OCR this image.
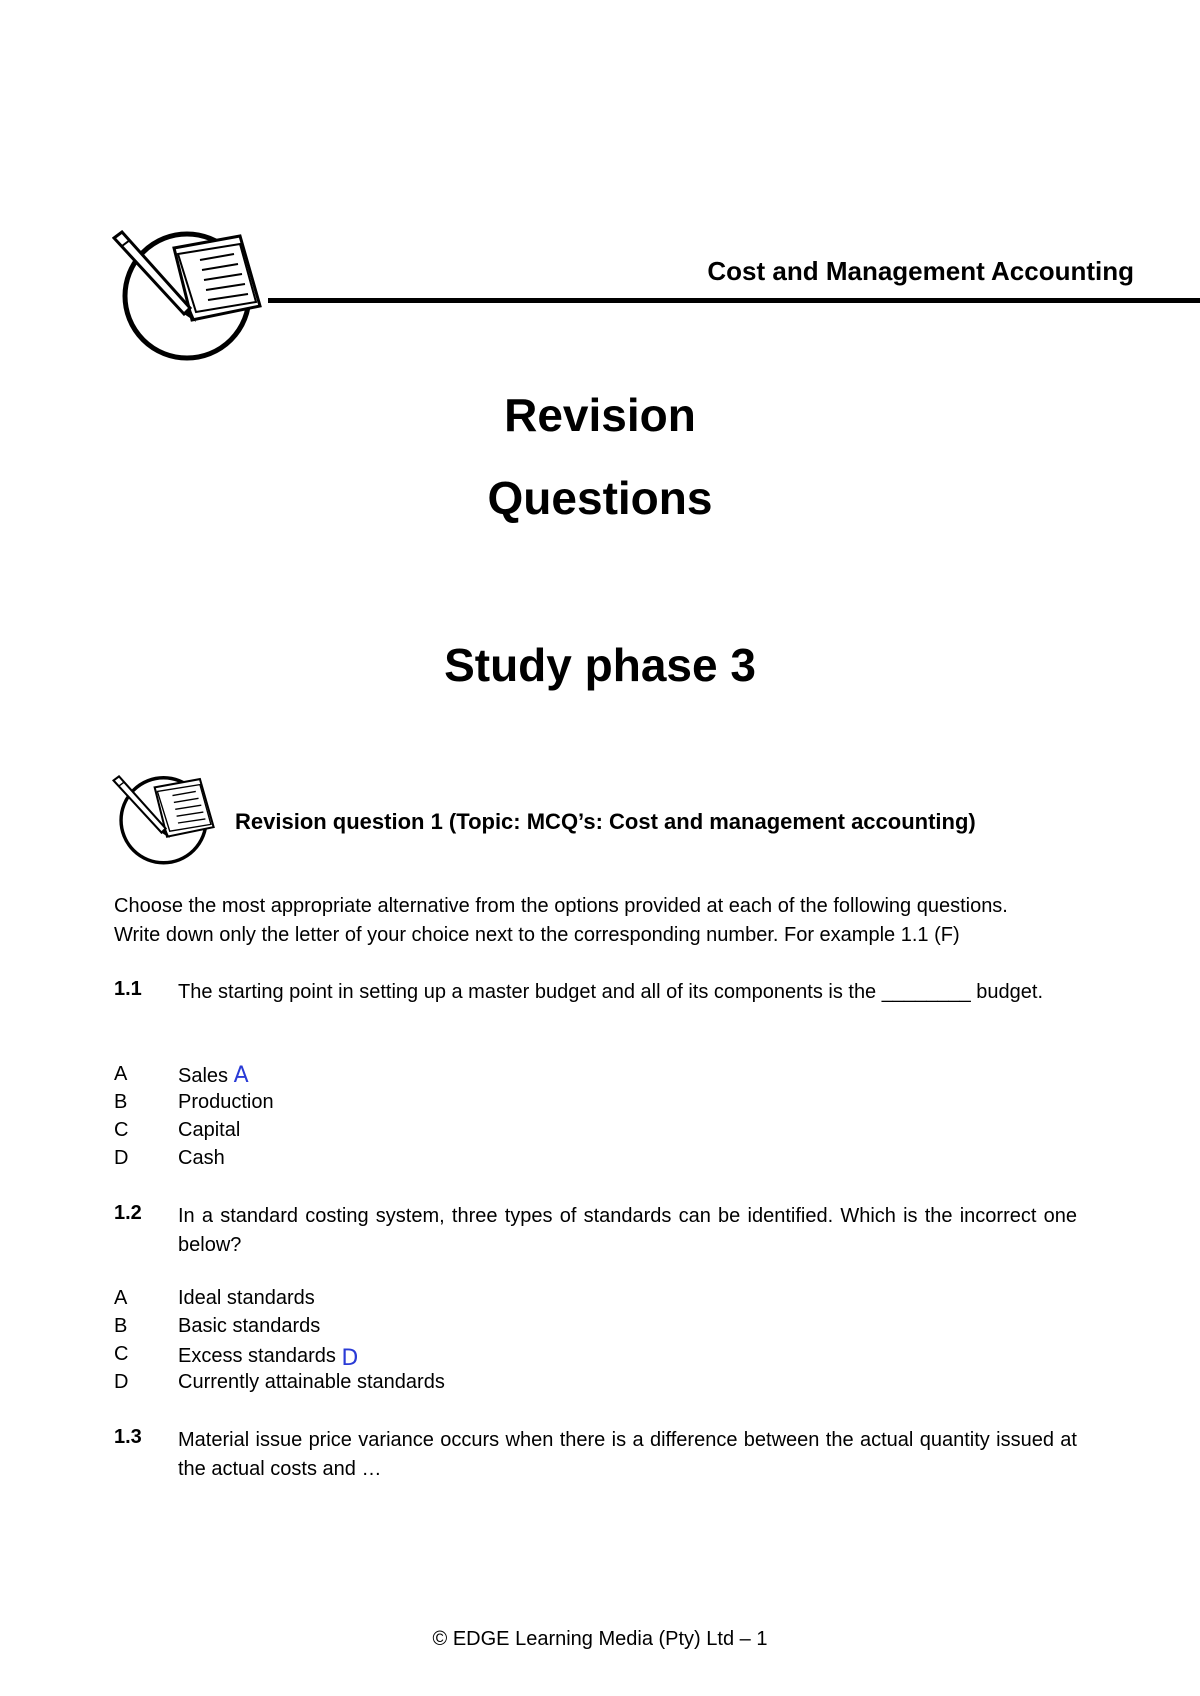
Cost and Management Accounting
Revision
Questions
Study phase 3
Revision question 1 (Topic: MCQ’s: Cost and management accounting)
Choose the most appropriate alternative from the options provided at each of the following questions.
Write down only the letter of your choice next to the corresponding number. For example 1.1 (F)
1.1 The starting point in setting up a master budget and all of its components is the ________ budget.
A	Sales A
B	Production
C Capital
D Cash
1.2 In a standard costing system, three types of standards can be identified. Which is the incorrect one below?
A	Ideal standards
B	Basic standards
C Excess standards D
D Currently attainable standards
1.3 Material issue price variance occurs when there is a difference between the actual quantity issued at the actual costs and …
© EDGE Learning Media (Pty) Ltd – 1
